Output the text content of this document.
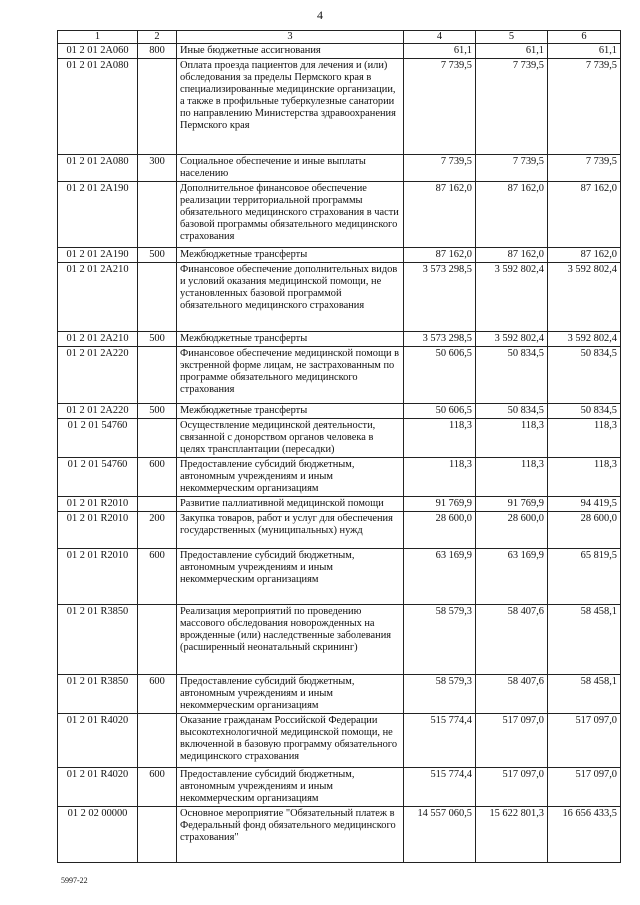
4
1	2	3	4	5	6
01 2 01 2А060	800	Иные бюджетные ассигнования	61,1	61,1	61,1
01 2 01 2А080		Оплата проезда пациентов для лечения и (или) обследования за пределы Пермского края в специализированные медицинские организации, а также в профильные туберкулезные санатории по направлению Министерства здравоохранения Пермского края	7 739,5	7 739,5	7 739,5
01 2 01 2А080	300	Социальное обеспечение и иные выплаты населению	7 739,5	7 739,5	7 739,5
01 2 01 2А190		Дополнительное финансовое обеспечение реализации территориальной программы обязательного медицинского страхования в части базовой программы обязательного медицинского страхования	87 162,0	87 162,0	87 162,0
01 2 01 2А190	500	Межбюджетные трансферты	87 162,0	87 162,0	87 162,0
01 2 01 2А210		Финансовое обеспечение дополнительных видов и условий оказания медицинской помощи, не установленных базовой программой обязательного медицинского страхования	3 573 298,5	3 592 802,4	3 592 802,4
01 2 01 2А210	500	Межбюджетные трансферты	3 573 298,5	3 592 802,4	3 592 802,4
01 2 01 2А220		Финансовое обеспечение медицинской помощи в экстренной форме лицам, не застрахованным по программе обязательного медицинского страхования	50 606,5	50 834,5	50 834,5
01 2 01 2А220	500	Межбюджетные трансферты	50 606,5	50 834,5	50 834,5
01 2 01 54760		Осуществление медицинской деятельности, связанной с донорством органов человека в целях трансплантации (пересадки)	118,3	118,3	118,3
01 2 01 54760	600	Предоставление субсидий бюджетным, автономным учреждениям и иным некоммерческим организациям	118,3	118,3	118,3
01 2 01 R2010		Развитие паллиативной медицинской помощи	91 769,9	91 769,9	94 419,5
01 2 01 R2010	200	Закупка товаров, работ и услуг для обеспечения государственных (муниципальных) нужд	28 600,0	28 600,0	28 600,0
01 2 01 R2010	600	Предоставление субсидий бюджетным, автономным учреждениям и иным некоммерческим организациям	63 169,9	63 169,9	65 819,5
01 2 01 R3850		Реализация мероприятий по проведению массового обследования новорожденных на врожденные (или) наследственные заболевания (расширенный неонатальный скрининг)	58 579,3	58 407,6	58 458,1
01 2 01 R3850	600	Предоставление субсидий бюджетным, автономным учреждениям и иным некоммерческим организациям	58 579,3	58 407,6	58 458,1
01 2 01 R4020		Оказание гражданам Российской Федерации высокотехнологичной медицинской помощи, не включенной в базовую программу обязательного медицинского страхования	515 774,4	517 097,0	517 097,0
01 2 01 R4020	600	Предоставление субсидий бюджетным, автономным учреждениям и иным некоммерческим организациям	515 774,4	517 097,0	517 097,0
01 2 02 00000		Основное мероприятие "Обязательный платеж в Федеральный фонд обязательного медицинского страхования"	14 557 060,5	15 622 801,3	16 656 433,5
5997-22
